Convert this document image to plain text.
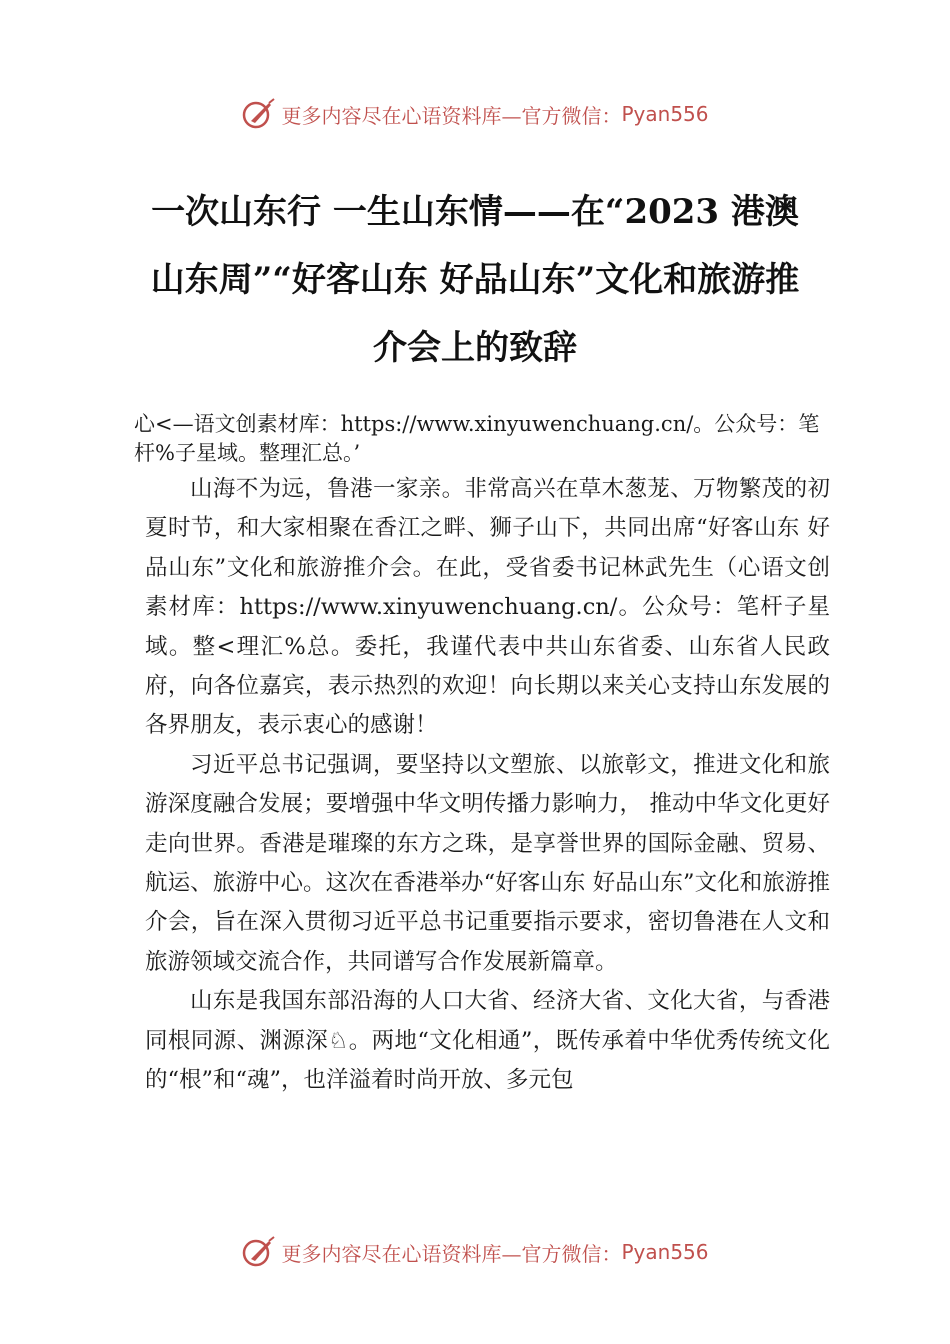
更多内容尽在心语资料库—官方微信： Pyan556
一次山东行 一生山东情——在“2023 港澳
山东周”“好客山东 好品山东”文化和旅游推
介会上的致辞

心<—语文创素材库：https://www.xinyuwenchuang.cn/。公众号：笔杆%子星域。整理汇总。’

山海不为远，鲁港一家亲。非常高兴在草木葱茏、万物繁茂的初夏时节，和大家相聚在香江之畔、狮子山下，共同出席“好客山东 好品山东”文化和旅游推介会。在此，受省委书记林武先生（心语文创素材库：https://www.xinyuwenchuang.cn/。公众号：笔杆子星域。整<理汇%总。委托，我谨代表中共山东省委、山东省人民政府，向各位嘉宾，表示热烈的欢迎！向长期以来关心支持山东发展的各界朋友，表示衷心的感谢！

习近平总书记强调，要坚持以文塑旅、以旅彰文，推进文化和旅游深度融合发展；要增强中华文明传播力影响力， 推动中华文化更好走向世界。香港是璀璨的东方之珠，是享誉世界的国际金融、贸易、航运、旅游中心。这次在香港举办“好客山东 好品山东”文化和旅游推介会，旨在深入贯彻习近平总书记重要指示要求，密切鲁港在人文和旅游领域交流合作，共同谱写合作发展新篇章。

山东是我国东部沿海的人口大省、经济大省、文化大省，与香港同根同源、渊源深♘。两地“文化相通”，既传承着中华优秀传统文化的“根”和“魂”，也洋溢着时尚开放、多元包

更多内容尽在心语资料库—官方微信： Pyan556
